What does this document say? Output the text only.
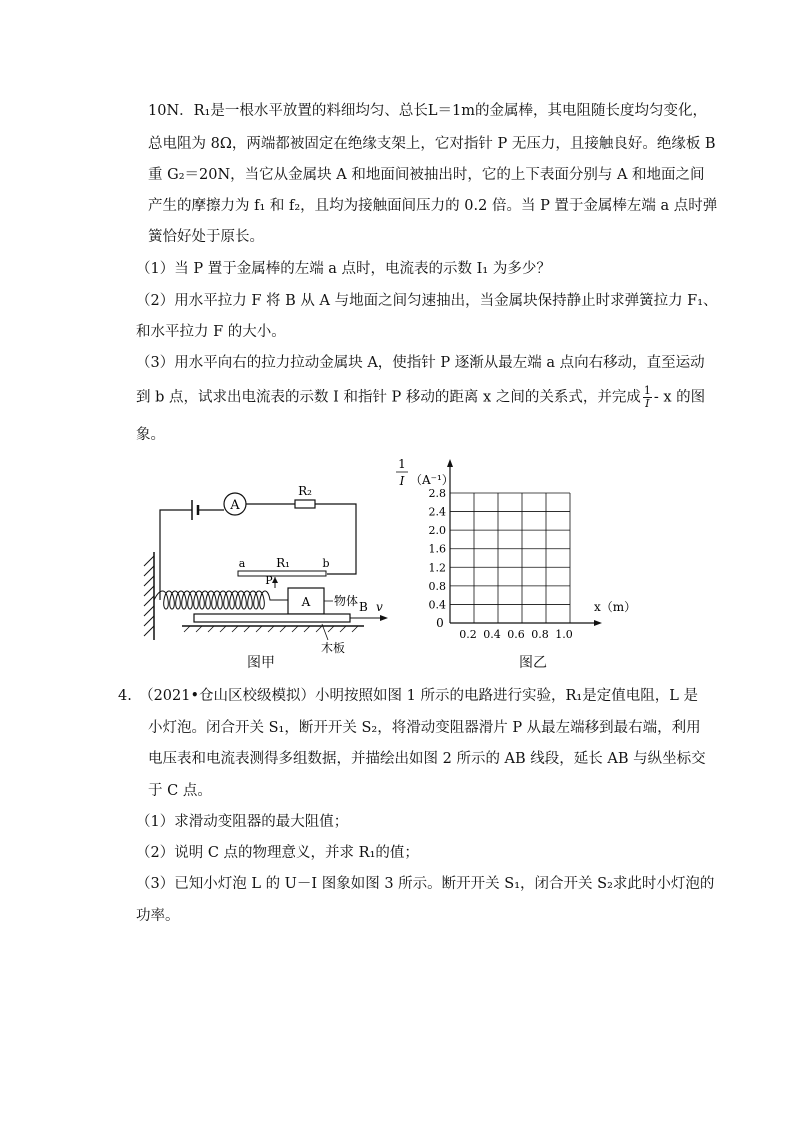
10N．R₁是一根水平放置的料细均匀、总长L＝1m的金属棒，其电阻随长度均匀变化，
总电阻为 8Ω，两端都被固定在绝缘支架上，它对指针 P 无压力，且接触良好。绝缘板 B
重 G₂＝20N，当它从金属块 A 和地面间被抽出时，它的上下表面分别与 A 和地面之间
产生的摩擦力为 f₁ 和 f₂，且均为接触面间压力的 0.2 倍。当 P 置于金属棒左端 a 点时弹
簧恰好处于原长。
（1）当 P 置于金属棒的左端 a 点时，电流表的示数 I₁ 为多少？
（2）用水平拉力 F 将 B 从 A 与地面之间匀速抽出，当金属块保持静止时求弹簧拉力 F₁、
和水平拉力 F 的大小。
（3）用水平向右的拉力拉动金属块 A，使指针 P 逐渐从最左端 a 点向右移动，直至运动
到 b 点，试求出电流表的示数 I 和指针 P 移动的距离 x 之间的关系式，并完成 $\frac{1}{I}$ - x 的图
象。
A
R₂
a	R₁	b
P
A 物体 B v
木板
图甲
1
I （A⁻¹）
x（m）
0
0.2 0.4 0.6 0.8 1.0
0.4
0.8
1.2
1.6
2.0
2.4
2.8
图乙
4.　（2021•仓山区校级模拟）小明按照如图 1 所示的电路进行实验，R₁是定值电阻，L 是
小灯泡。闭合开关 S₁，断开开关 S₂，将滑动变阻器滑片 P 从最左端移到最右端，利用
电压表和电流表测得多组数据，并描绘出如图 2 所示的 AB 线段，延长 AB 与纵坐标交
于 C 点。
（1）求滑动变阻器的最大阻值；
（2）说明 C 点的物理意义，并求 R₁的值；
（3）已知小灯泡 L 的 U－I 图象如图 3 所示。断开开关 S₁，闭合开关 S₂求此时小灯泡的
功率。
